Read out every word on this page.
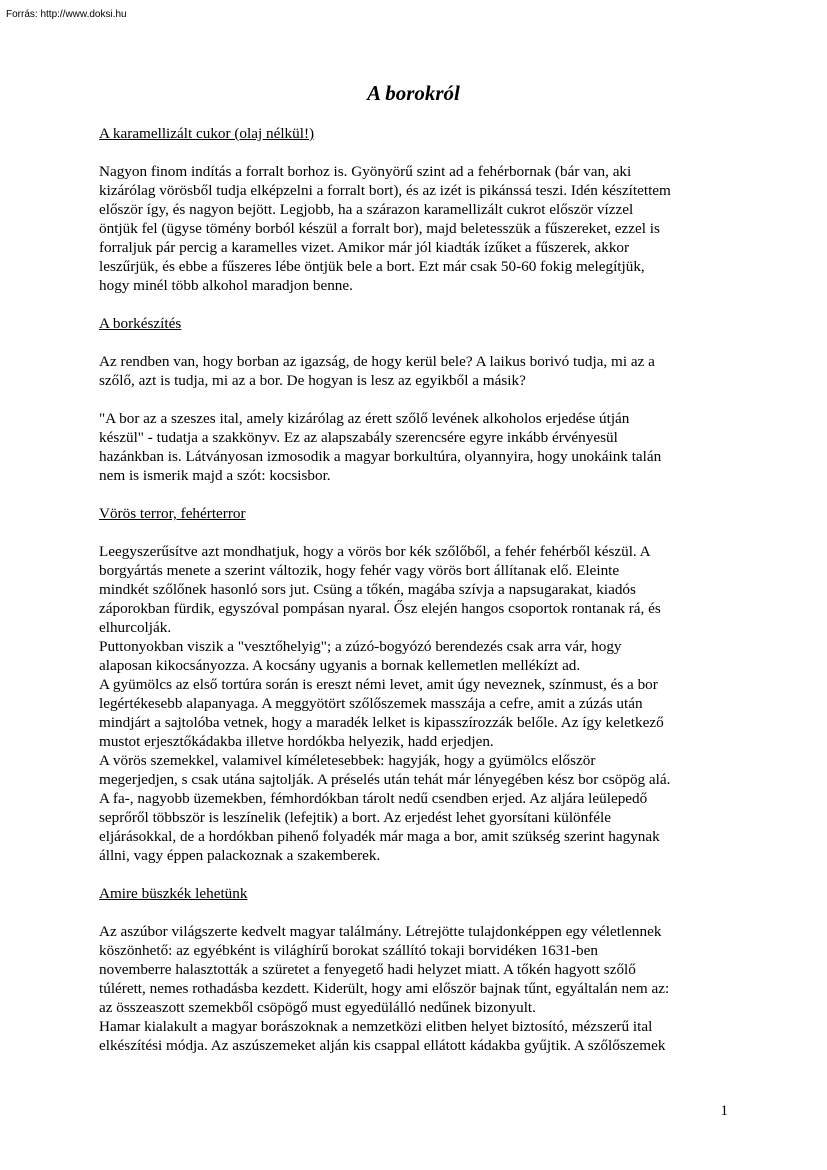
Forrás: http://www.doksi.hu
A borokról

A karamellizált cukor (olaj nélkül!)

Nagyon finom indítás a forralt borhoz is. Gyönyörű szint ad a fehérbornak (bár van, aki
kizárólag vörösből tudja elképzelni a forralt bort), és az izét is pikánssá teszi. Idén készítettem
először így, és nagyon bejött. Legjobb, ha a szárazon karamellizált cukrot először vízzel
öntjük fel (ügyse tömény borból készül a forralt bor), majd beletesszük a fűszereket, ezzel is
forraljuk pár percig a karamelles vizet. Amikor már jól kiadták ízűket a fűszerek, akkor
leszűrjük, és ebbe a fűszeres lébe öntjük bele a bort. Ezt már csak 50-60 fokig melegítjük,
hogy minél több alkohol maradjon benne.

A borkészítés

Az rendben van, hogy borban az igazság, de hogy kerül bele? A laikus borivó tudja, mi az a
szőlő, azt is tudja, mi az a bor. De hogyan is lesz az egyikből a másik?

"A bor az a szeszes ital, amely kizárólag az érett szőlő levének alkoholos erjedése útján
készül" - tudatja a szakkönyv. Ez az alapszabály szerencsére egyre inkább érvényesül
hazánkban is. Látványosan izmosodik a magyar borkultúra, olyannyira, hogy unokáink talán
nem is ismerik majd a szót: kocsisbor.

Vörös terror, fehérterror

Leegyszerűsítve azt mondhatjuk, hogy a vörös bor kék szőlőből, a fehér fehérből készül. A
borgyártás menete a szerint változik, hogy fehér vagy vörös bort állítanak elő. Eleinte
mindkét szőlőnek hasonló sors jut. Csüng a tőkén, magába szívja a napsugarakat, kiadós
záporokban fürdik, egyszóval pompásan nyaral. Ősz elején hangos csoportok rontanak rá, és
elhurcolják.
Puttonyokban viszik a "vesztőhelyig"; a zúzó-bogyózó berendezés csak arra vár, hogy
alaposan kikocsányozza. A kocsány ugyanis a bornak kellemetlen mellékízt ad.
A gyümölcs az első tortúra során is ereszt némi levet, amit úgy neveznek, színmust, és a bor
legértékesebb alapanyaga. A meggyötört szőlőszemek masszája a cefre, amit a zúzás után
mindjárt a sajtolóba vetnek, hogy a maradék lelket is kipasszírozzák belőle. Az így keletkező
mustot erjesztőkádakba illetve hordókba helyezik, hadd erjedjen.
A vörös szemekkel, valamivel kíméletesebbek: hagyják, hogy a gyümölcs először
megerjedjen, s csak utána sajtolják. A préselés után tehát már lényegében kész bor csöpög alá.
A fa-, nagyobb üzemekben, fémhordókban tárolt nedű csendben erjed. Az aljára leülepedő
seprőről többször is leszínelik (lefejtik) a bort. Az erjedést lehet gyorsítani különféle
eljárásokkal, de a hordókban pihenő folyadék már maga a bor, amit szükség szerint hagynak
állni, vagy éppen palackoznak a szakemberek.

Amire büszkék lehetünk

Az aszúbor világszerte kedvelt magyar találmány. Létrejötte tulajdonképpen egy véletlennek
köszönhető: az egyébként is világhírű borokat szállító tokaji borvidéken 1631-ben
novemberre halasztották a szüretet a fenyegető hadi helyzet miatt. A tőkén hagyott szőlő
túlérett, nemes rothadásba kezdett. Kiderült, hogy ami először bajnak tűnt, egyáltalán nem az:
az összeaszott szemekből csöpögő must egyedülálló nedűnek bizonyult.
Hamar kialakult a magyar borászoknak a nemzetközi elitben helyet biztosító, mézszerű ital
elkészítési módja. Az aszúszemeket alján kis csappal ellátott kádakba gyűjtik. A szőlőszemek

1
